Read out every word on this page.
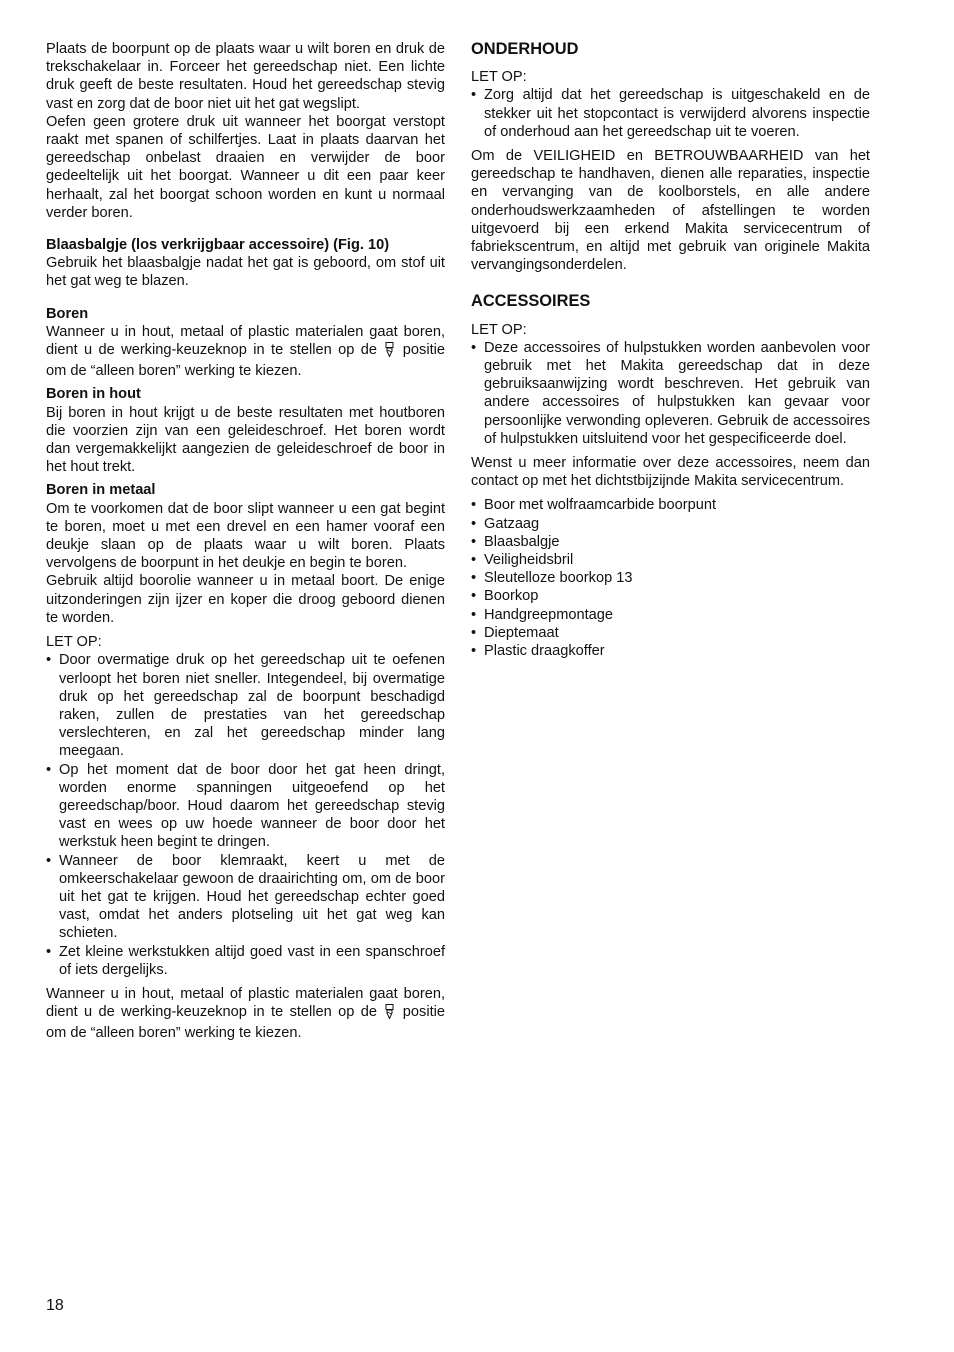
Plaats de boorpunt op de plaats waar u wilt boren en druk de trekschakelaar in. Forceer het gereedschap niet. Een lichte druk geeft de beste resultaten. Houd het gereedschap stevig vast en zorg dat de boor niet uit het gat wegslipt.

Oefen geen grotere druk uit wanneer het boorgat verstopt raakt met spanen of schilfertjes. Laat in plaats daarvan het gereedschap onbelast draaien en verwijder de boor gedeeltelijk uit het boorgat. Wanneer u dit een paar keer herhaalt, zal het boorgat schoon worden en kunt u normaal verder boren.

Blaasbalgje (los verkrijgbaar accessoire) (Fig. 10)

Gebruik het blaasbalgje nadat het gat is geboord, om stof uit het gat weg te blazen.

Boren

Wanneer u in hout, metaal of plastic materialen gaat boren, dient u de werking-keuzeknop in te stellen op de positie om de “alleen boren” werking te kiezen.

Boren in hout

Bij boren in hout krijgt u de beste resultaten met houtboren die voorzien zijn van een geleideschroef. Het boren wordt dan vergemakkelijkt aangezien de geleideschroef de boor in het hout trekt.

Boren in metaal

Om te voorkomen dat de boor slipt wanneer u een gat begint te boren, moet u met een drevel en een hamer vooraf een deukje slaan op de plaats waar u wilt boren. Plaats vervolgens de boorpunt in het deukje en begin te boren.

Gebruik altijd boorolie wanneer u in metaal boort. De enige uitzonderingen zijn ijzer en koper die droog geboord dienen te worden.

LET OP:

• Door overmatige druk op het gereedschap uit te oefenen verloopt het boren niet sneller. Integendeel, bij overmatige druk op het gereedschap zal de boorpunt beschadigd raken, zullen de prestaties van het gereedschap verslechteren, en zal het gereedschap minder lang meegaan.
• Op het moment dat de boor door het gat heen dringt, worden enorme spanningen uitgeoefend op het gereedschap/boor. Houd daarom het gereedschap stevig vast en wees op uw hoede wanneer de boor door het werkstuk heen begint te dringen.
• Wanneer de boor klemraakt, keert u met de omkeerschakelaar gewoon de draairichting om, om de boor uit het gat te krijgen. Houd het gereedschap echter goed vast, omdat het anders plotseling uit het gat weg kan schieten.
• Zet kleine werkstukken altijd goed vast in een spanschroef of iets dergelijks.

Wanneer u in hout, metaal of plastic materialen gaat boren, dient u de werking-keuzeknop in te stellen op de positie om de “alleen boren” werking te kiezen.

ONDERHOUD

LET OP:

• Zorg altijd dat het gereedschap is uitgeschakeld en de stekker uit het stopcontact is verwijderd alvorens inspectie of onderhoud aan het gereedschap uit te voeren.

Om de VEILIGHEID en BETROUWBAARHEID van het gereedschap te handhaven, dienen alle reparaties, inspectie en vervanging van de koolborstels, en alle andere onderhoudswerkzaamheden of afstellingen te worden uitgevoerd bij een erkend Makita servicecentrum of fabriekscentrum, en altijd met gebruik van originele Makita vervangingsonderdelen.

ACCESSOIRES

LET OP:

• Deze accessoires of hulpstukken worden aanbevolen voor gebruik met het Makita gereedschap dat in deze gebruiksaanwijzing wordt beschreven. Het gebruik van andere accessoires of hulpstukken kan gevaar voor persoonlijke verwonding opleveren. Gebruik de accessoires of hulpstukken uitsluitend voor het gespecificeerde doel.

Wenst u meer informatie over deze accessoires, neem dan contact op met het dichtstbijzijnde Makita servicecentrum.

• Boor met wolfraamcarbide boorpunt
• Gatzaag
• Blaasbalgje
• Veiligheidsbril
• Sleutelloze boorkop 13
• Boorkop
• Handgreepmontage
• Dieptemaat
• Plastic draagkoffer
18
